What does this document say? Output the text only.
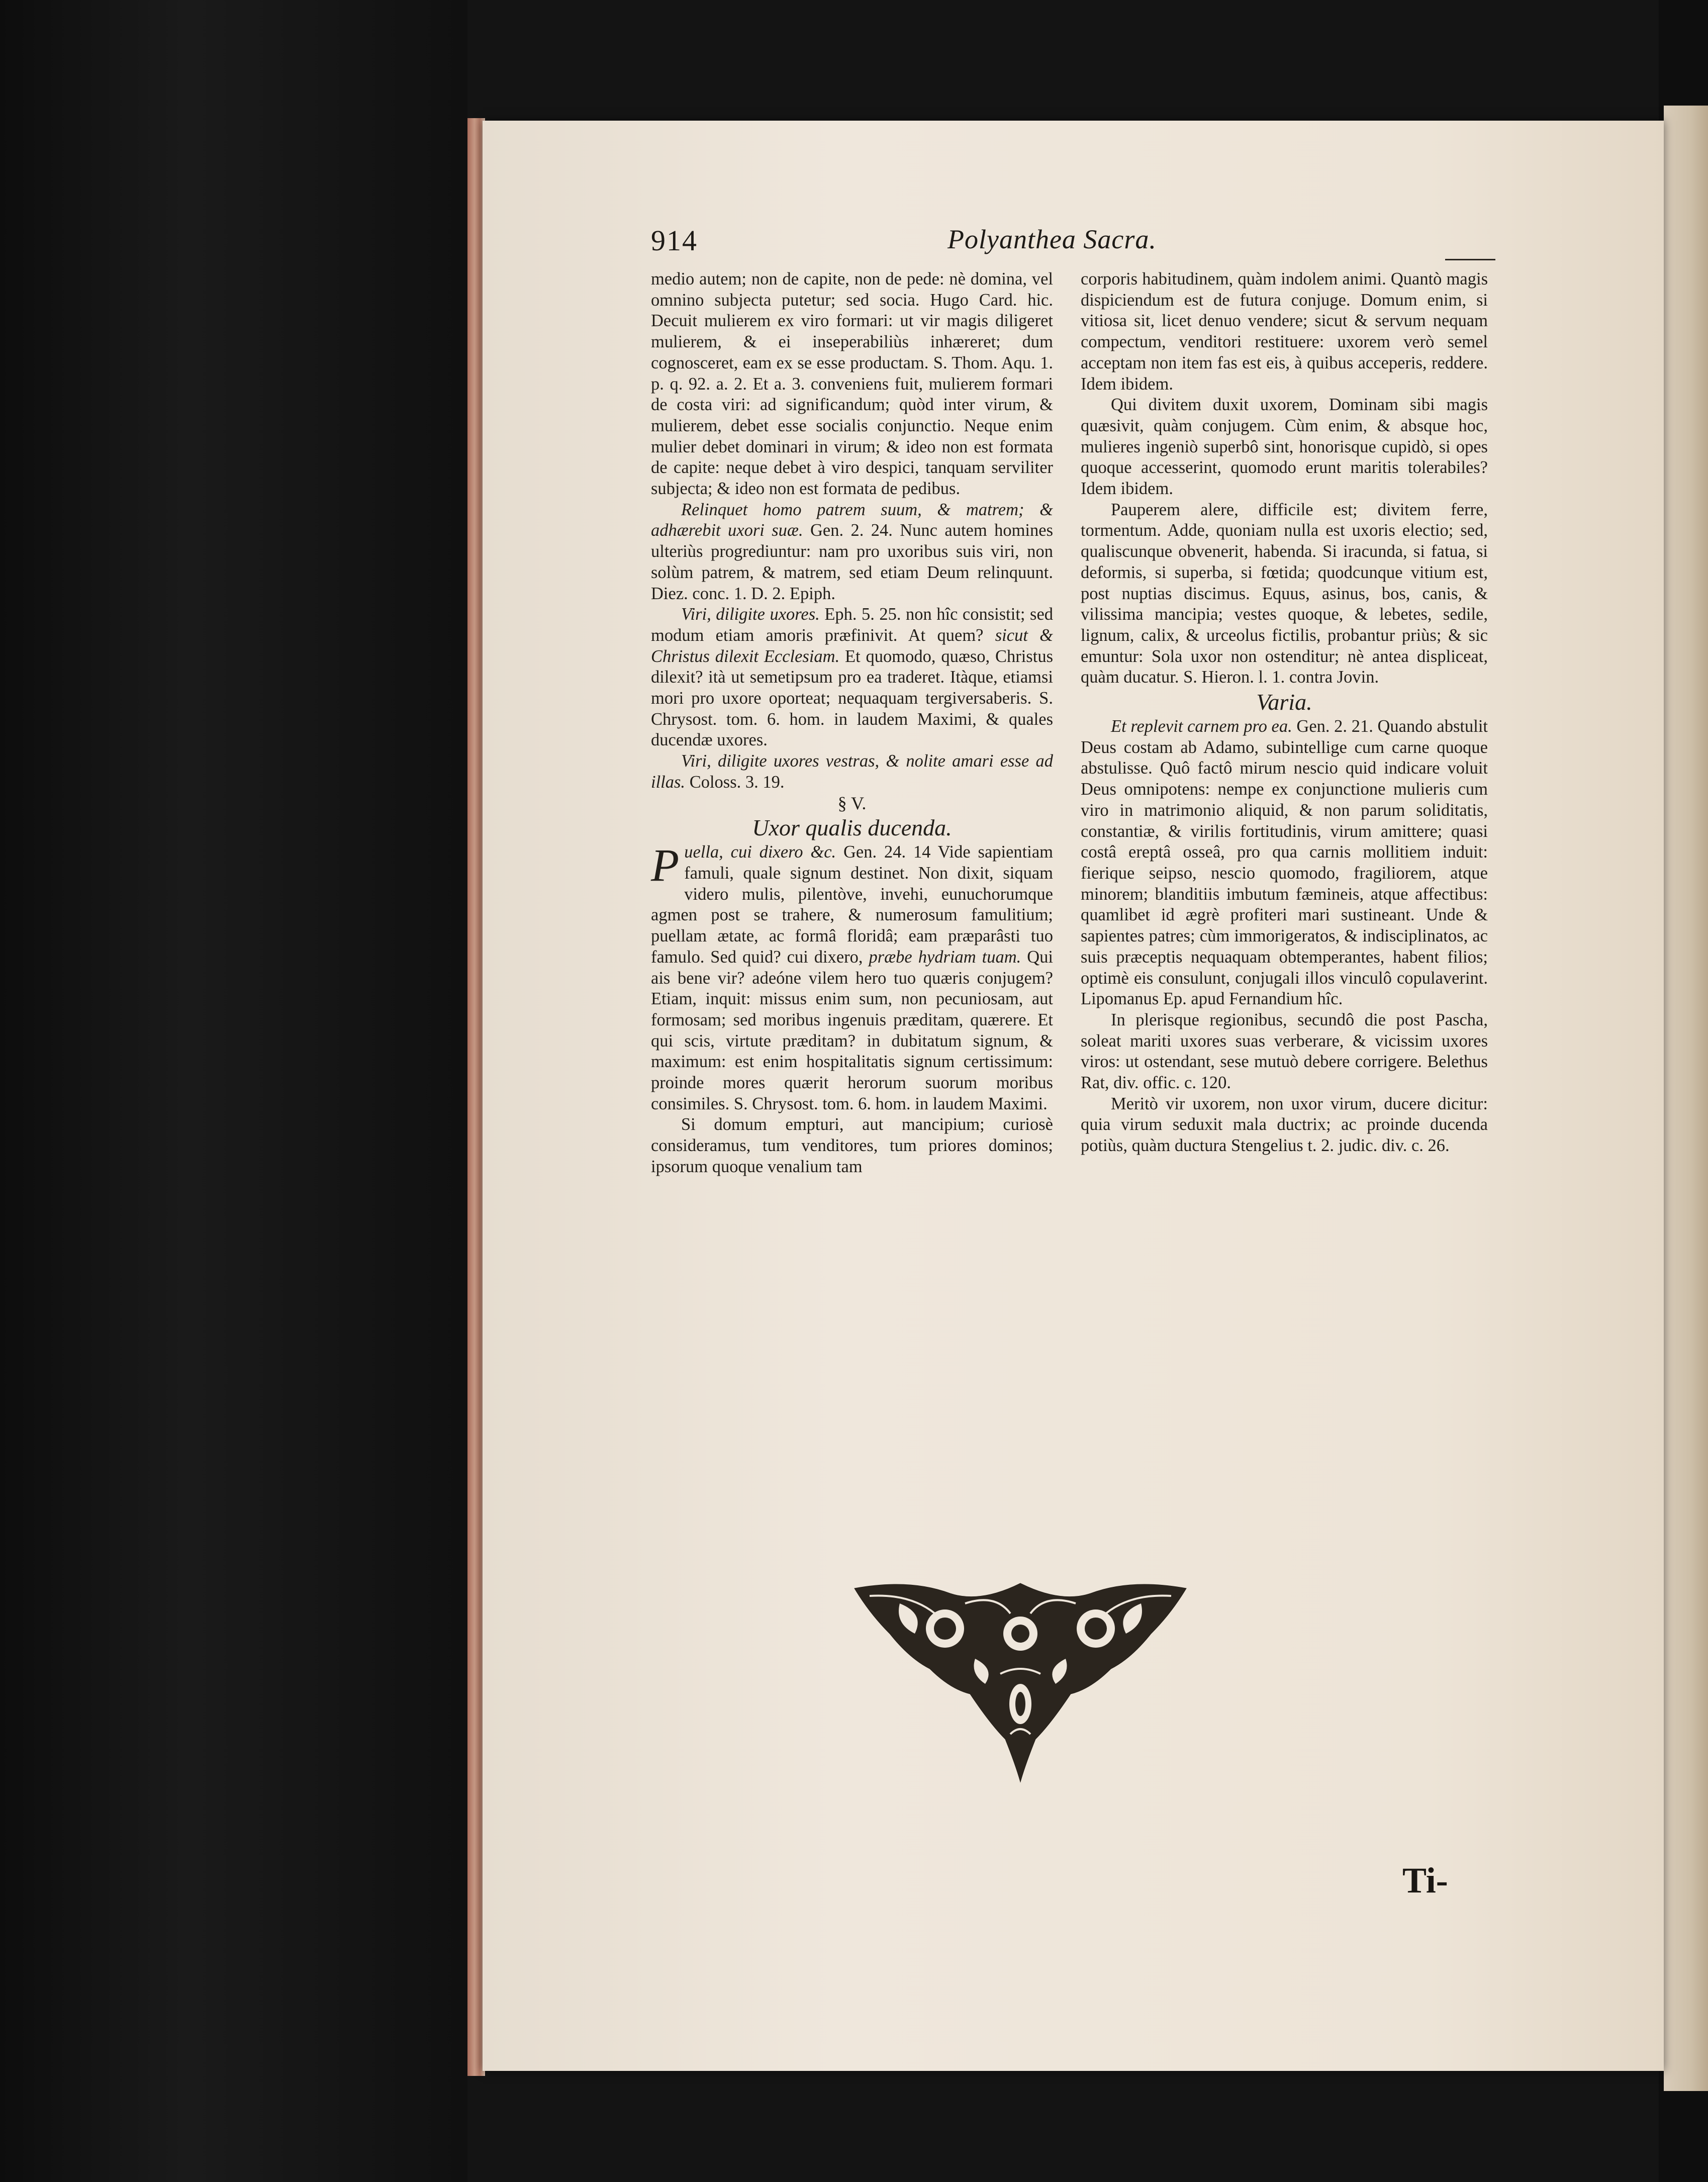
914	Polyanthea Sacra.

medio autem; non de capite, non de pede: nè domina, vel omnino subjecta putetur; sed socia. Hugo Card. hic. Decuit mulierem ex viro formari: ut vir magis diligeret mulierem, & ei inseperabiliùs inhæreret; dum cognosceret, eam ex se esse productam. S. Thom. Aqu. 1. p. q. 92. a. 2. Et a. 3. conveniens fuit, mulierem formari de costa viri: ad significandum; quòd inter virum, & mulierem, debet esse socialis conjunctio. Neque enim mulier debet dominari in virum; & ideo non est formata de capite: neque debet à viro despici, tanquam serviliter subjecta; & ideo non est formata de pedibus.

Relinquet homo patrem suum, & matrem; & adhærebit uxori suæ. Gen. 2. 24. Nunc autem homines ulteriùs progrediuntur: nam pro uxoribus suis viri, non solùm patrem, & matrem, sed etiam Deum relinquunt. Diez. conc. 1. D. 2. Epiph.

Viri, diligite uxores. Eph. 5. 25. non hîc consistit; sed modum etiam amoris præfinivit. At quem? sicut & Christus dilexit Ecclesiam. Et quomodo, quæso, Christus dilexit? ità ut semetipsum pro ea traderet. Itàque, etiamsi mori pro uxore oporteat; nequaquam tergiversaberis. S. Chrysost. tom. 6. hom. in laudem Maximi, & quales ducendæ uxores.

Viri, diligite uxores vestras, & nolite amari esse ad illas. Coloss. 3. 19.

§ V.

Uxor qualis ducenda.

Puella, cui dixero &c. Gen. 24. 14 Vide sapientiam famuli, quale signum destinet. Non dixit, siquam videro mulis, pilentòve, invehi, eunuchorumque agmen post se trahere, & numerosum famulitium; puellam ætate, ac formâ floridâ; eam præparâsti tuo famulo. Sed quid? cui dixero, præbe hydriam tuam. Qui ais bene vir? adeóne vilem hero tuo quæris conjugem? Etiam, inquit: missus enim sum, non pecuniosam, aut formosam; sed moribus ingenuis præditam, quærere. Et qui scis, virtute præditam? in dubitatum signum, & maximum: est enim hospitalitatis signum certissimum: proinde mores quærit herorum suorum moribus consimiles. S. Chrysost. tom. 6. hom. in laudem Maximi.

Si domum empturi, aut mancipium; curiosè consideramus, tum venditores, tum priores dominos; ipsorum quoque venalium tam

corporis habitudinem, quàm indolem animi. Quantò magis dispiciendum est de futura conjuge. Domum enim, si vitiosa sit, licet denuo vendere; sicut & servum nequam compectum, venditori restituere: uxorem verò semel acceptam non item fas est eis, à quibus acceperis, reddere. Idem ibidem.

Qui divitem duxit uxorem, Dominam sibi magis quæsivit, quàm conjugem. Cùm enim, & absque hoc, mulieres ingeniò superbô sint, honorisque cupidò, si opes quoque accesserint, quomodo erunt maritis tolerabiles? Idem ibidem.

Pauperem alere, difficile est; divitem ferre, tormentum. Adde, quoniam nulla est uxoris electio; sed, qualiscunque obvenerit, habenda. Si iracunda, si fatua, si deformis, si superba, si fœtida; quodcunque vitium est, post nuptias discimus. Equus, asinus, bos, canis, & vilissima mancipia; vestes quoque, & lebetes, sedile, lignum, calix, & urceolus fictilis, probantur priùs; & sic emuntur: Sola uxor non ostenditur; nè antea displiceat, quàm ducatur. S. Hieron. l. 1. contra Jovin.

Varia.

Et replevit carnem pro ea. Gen. 2. 21. Quando abstulit Deus costam ab Adamo, subintellige cum carne quoque abstulisse. Quô factô mirum nescio quid indicare voluit Deus omnipotens: nempe ex conjunctione mulieris cum viro in matrimonio aliquid, & non parum soliditatis, constantiæ, & virilis fortitudinis, virum amittere; quasi costâ ereptâ osseâ, pro qua carnis mollitiem induit: fierique seipso, nescio quomodo, fragiliorem, atque minorem; blanditiis imbutum fæmineis, atque affectibus: quamlibet id ægrè profiteri mari sustineant. Unde & sapientes patres; cùm immorigeratos, & indisciplinatos, ac suis præceptis nequaquam obtemperantes, habent filios; optimè eis consulunt, conjugali illos vinculô copulaverint. Lipomanus Ep. apud Fernandium hîc.

In plerisque regionibus, secundô die post Pascha, soleat mariti uxores suas verberare, & vicissim uxores viros: ut ostendant, sese mutuò debere corrigere. Belethus Rat, div. offic. c. 120.

Meritò vir uxorem, non uxor virum, ducere dicitur: quia virum seduxit mala ductrix; ac proinde ducenda potiùs, quàm ductura Stengelius t. 2. judic. div. c. 26.

Ti-
